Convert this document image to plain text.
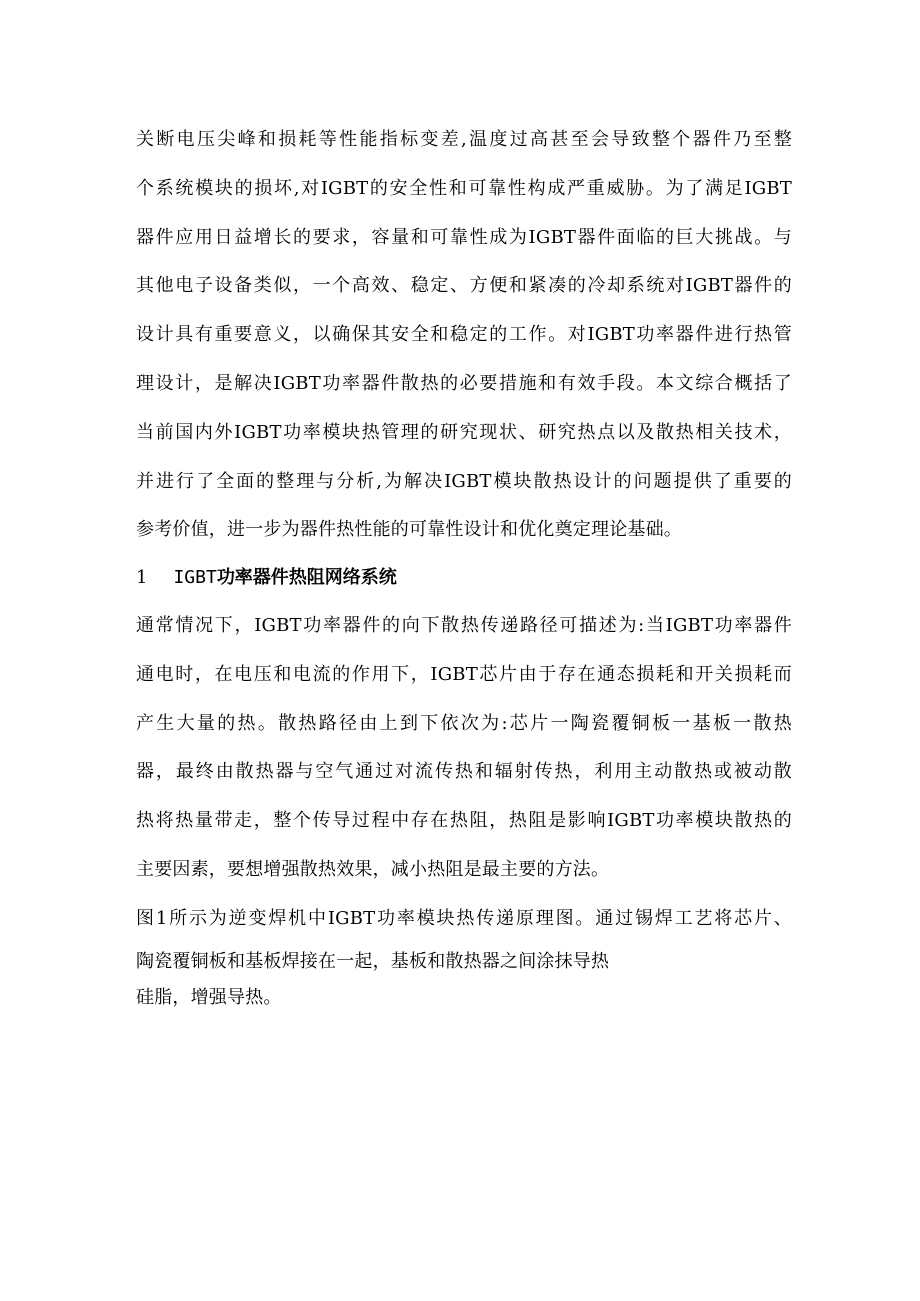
关断电压尖峰和损耗等性能指标变差,温度过高甚至会导致整个器件乃至整
个系统模块的损坏,对IGBT的安全性和可靠性构成严重威胁。为了满足IGBT
器件应用日益增长的要求，容量和可靠性成为IGBT器件面临的巨大挑战。与
其他电子设备类似，一个高效、稳定、方便和紧凑的冷却系统对IGBT器件的
设计具有重要意义，以确保其安全和稳定的工作。对IGBT功率器件进行热管
理设计，是解决IGBT功率器件散热的必要措施和有效手段。本文综合概括了
当前国内外IGBT功率模块热管理的研究现状、研究热点以及散热相关技术，
并进行了全面的整理与分析,为解决IGBT模块散热设计的问题提供了重要的
参考价值，进一步为器件热性能的可靠性设计和优化奠定理论基础。
1 IGBT功率器件热阻网络系统
通常情况下，IGBT功率器件的向下散热传递路径可描述为:当IGBT功率器件
通电时，在电压和电流的作用下，IGBT芯片由于存在通态损耗和开关损耗而
产生大量的热。散热路径由上到下依次为:芯片一陶瓷覆铜板一基板一散热
器，最终由散热器与空气通过对流传热和辐射传热，利用主动散热或被动散
热将热量带走，整个传导过程中存在热阻，热阻是影响IGBT功率模块散热的
主要因素，要想增强散热效果，减小热阻是最主要的方法。
图1所示为逆变焊机中IGBT功率模块热传递原理图。通过锡焊工艺将芯片、
陶瓷覆铜板和基板焊接在一起，基板和散热器之间涂抹导热
硅脂，增强导热。
